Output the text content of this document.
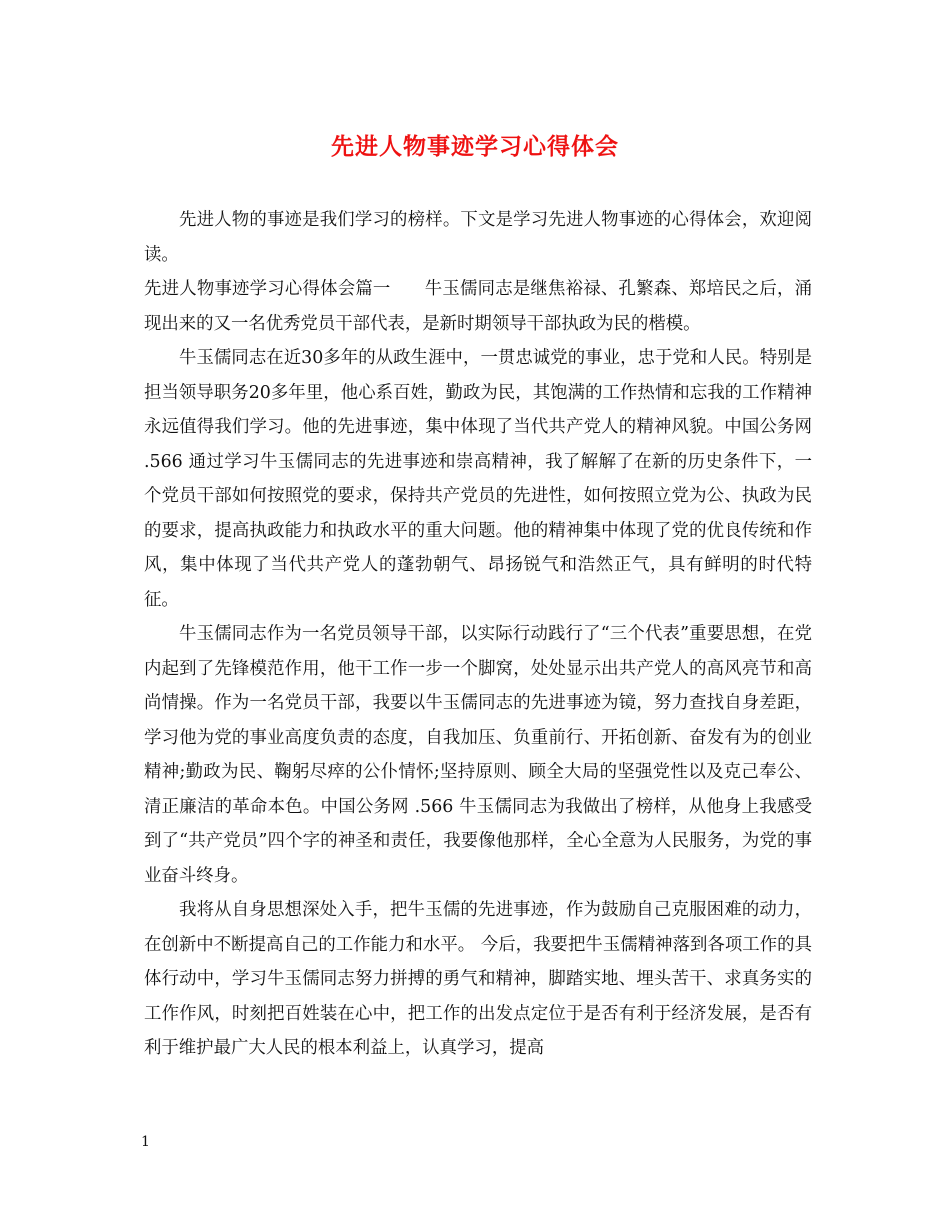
先进人物事迹学习心得体会

先进人物的事迹是我们学习的榜样。下文是学习先进人物事迹的心得体会，欢迎阅读。

先进人物事迹学习心得体会篇一 牛玉儒同志是继焦裕禄、孔繁森、郑培民之后，涌现出来的又一名优秀党员干部代表，是新时期领导干部执政为民的楷模。

牛玉儒同志在近30多年的从政生涯中，一贯忠诚党的事业，忠于党和人民。特别是担当领导职务20多年里，他心系百姓，勤政为民，其饱满的工作热情和忘我的工作精神永远值得我们学习。他的先进事迹，集中体现了当代共产党人的精神风貌。中国公务网 .566 通过学习牛玉儒同志的先进事迹和崇高精神，我了解解了在新的历史条件下，一个党员干部如何按照党的要求，保持共产党员的先进性，如何按照立党为公、执政为民的要求，提高执政能力和执政水平的重大问题。他的精神集中体现了党的优良传统和作风，集中体现了当代共产党人的蓬勃朝气、昂扬锐气和浩然正气，具有鲜明的时代特征。

牛玉儒同志作为一名党员领导干部，以实际行动践行了“三个代表”重要思想，在党内起到了先锋模范作用，他干工作一步一个脚窝，处处显示出共产党人的高风亮节和高尚情操。作为一名党员干部，我要以牛玉儒同志的先进事迹为镜，努力查找自身差距，学习他为党的事业高度负责的态度，自我加压、负重前行、开拓创新、奋发有为的创业精神;勤政为民、鞠躬尽瘁的公仆情怀;坚持原则、顾全大局的坚强党性以及克己奉公、清正廉洁的革命本色。中国公务网 .566 牛玉儒同志为我做出了榜样，从他身上我感受到了“共产党员”四个字的神圣和责任，我要像他那样，全心全意为人民服务，为党的事业奋斗终身。

我将从自身思想深处入手，把牛玉儒的先进事迹，作为鼓励自己克服困难的动力，在创新中不断提高自己的工作能力和水平。 今后，我要把牛玉儒精神落到各项工作的具体行动中，学习牛玉儒同志努力拼搏的勇气和精神，脚踏实地、埋头苦干、求真务实的工作作风，时刻把百姓装在心中，把工作的出发点定位于是否有利于经济发展，是否有利于维护最广大人民的根本利益上，认真学习，提高

1
